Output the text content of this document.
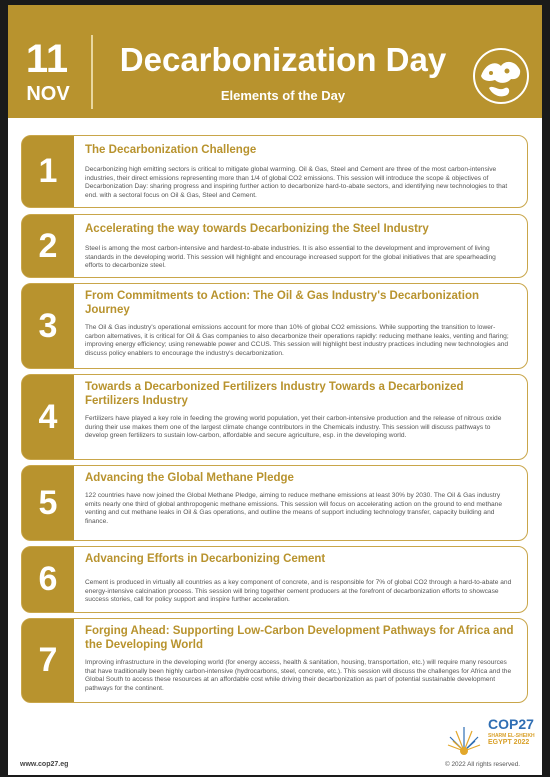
11
NOV
Decarbonization Day
Elements of the Day
1
The Decarbonization Challenge
Decarbonizing high emitting sectors is critical to mitigate global warming. Oil & Gas, Steel and Cement are three of the most carbon-intensive industries, their direct emissions representing more than 1/4 of global CO2 emissions. This session will introduce the scope & objectives of Decarbonization Day: sharing progress and inspiring further action to decarbonize hard-to-abate sectors, and identifying new technologies to that end. with a sectoral focus on Oil & Gas, Steel and Cement.
2	Accelerating the way towards Decarbonizing the Steel Industry
Steel is among the most carbon-intensive and hardest-to-abate industries. It is also essential to the development and improvement of living standards in the developing world. This session will highlight and encourage increased support for the global initiatives that are spearheading efforts to decarbonize steel.
3
From Commitments to Action: The Oil & Gas Industry's Decarbonization Journey
The Oil & Gas industry's operational emissions account for more than 10% of global CO2 emissions. While supporting the transition to lower-carbon alternatives, it is critical for Oil & Gas companies to also decarbonize their operations rapidly: reducing methane leaks, venting and flaring; improving energy efficiency; using renewable power and CCUS. This session will highlight best industry practices including new technologies and discuss policy enablers to encourage the industry's decarbonization.
4
Towards a Decarbonized Fertilizers Industry Towards a Decarbonized Fertilizers Industry
Fertilizers have played a key role in feeding the growing world population, yet their carbon-intensive production and the release of nitrous oxide during their use makes them one of the largest climate change contributors in the Chemicals industry. This session will discuss pathways to develop green fertilizers to sustain low-carbon, affordable and secure agriculture, esp. in the developing world.
5
Advancing the Global Methane Pledge
122 countries have now joined the Global Methane Pledge, aiming to reduce methane emissions at least 30% by 2030. The Oil & Gas industry emits nearly one third of global anthropogenic methane emissions. This session will focus on accelerating action on the ground to end methane venting and cut methane leaks in Oil & Gas operations, and outline the means of support including technology transfer, capacity building and finance.
6
Advancing Efforts in Decarbonizing Cement
Cement is produced in virtually all countries as a key component of concrete, and is responsible for 7% of global CO2 through a hard-to-abate and energy-intensive calcination process. This session will bring together cement producers at the forefront of decarbonization efforts to showcase success stories, call for policy support and inspire further acceleration.
7
Forging Ahead: Supporting Low-Carbon Development Pathways for Africa and the Developing World
Improving infrastructure in the developing world (for energy access, health & sanitation, housing, transportation, etc.) will require many resources that have traditionally been highly carbon-intensive (hydrocarbons, steel, concrete, etc.). This session will discuss the challenges for Africa and the Global South to access these resources at an affordable cost while driving their decarbonization as part of potential sustainable development pathways for the continent.
COP27
SHARM EL-SHEIKH
EGYPT 2022
www.cop27.eg	© 2022 All rights reserved.
